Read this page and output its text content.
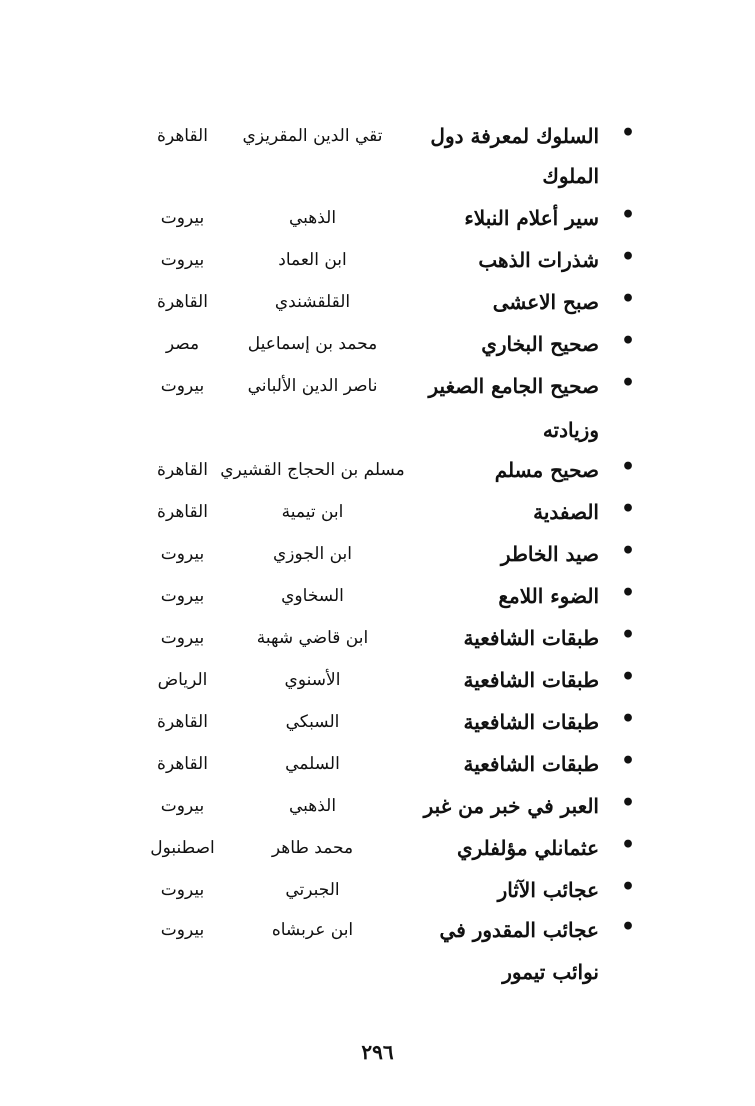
•
السلوك لمعرفة دول
تقي الدين المقريزي
القاهرة
الملوك
•
سير أعلام النبلاء
الذهبي
بيروت
•
شذرات الذهب
ابن العماد
بيروت
•
صبح الاعشى
القلقشندي
القاهرة
•
صحيح البخاري
محمد بن إسماعيل
مصر
•
صحيح الجامع الصغير
ناصر الدين الألباني
بيروت
وزيادته
•
صحيح مسلم
مسلم بن الحجاج القشيري
القاهرة
•
الصفدية
ابن تيمية
القاهرة
•
صيد الخاطر
ابن الجوزي
بيروت
•
الضوء اللامع
السخاوي
بيروت
•
طبقات الشافعية
ابن قاضي شهبة
بيروت
•
طبقات الشافعية
الأسنوي
الرياض
•
طبقات الشافعية
السبكي
القاهرة
•
طبقات الشافعية
السلمي
القاهرة
•
العبر في خبر من غبر
الذهبي
بيروت
•
عثمانلي مؤلفلري
محمد طاهر
اصطنبول
•
عجائب الآثار
الجبرتي
بيروت
•
عجائب المقدور في
ابن عربشاه
بيروت
نوائب تيمور
٢٩٦
